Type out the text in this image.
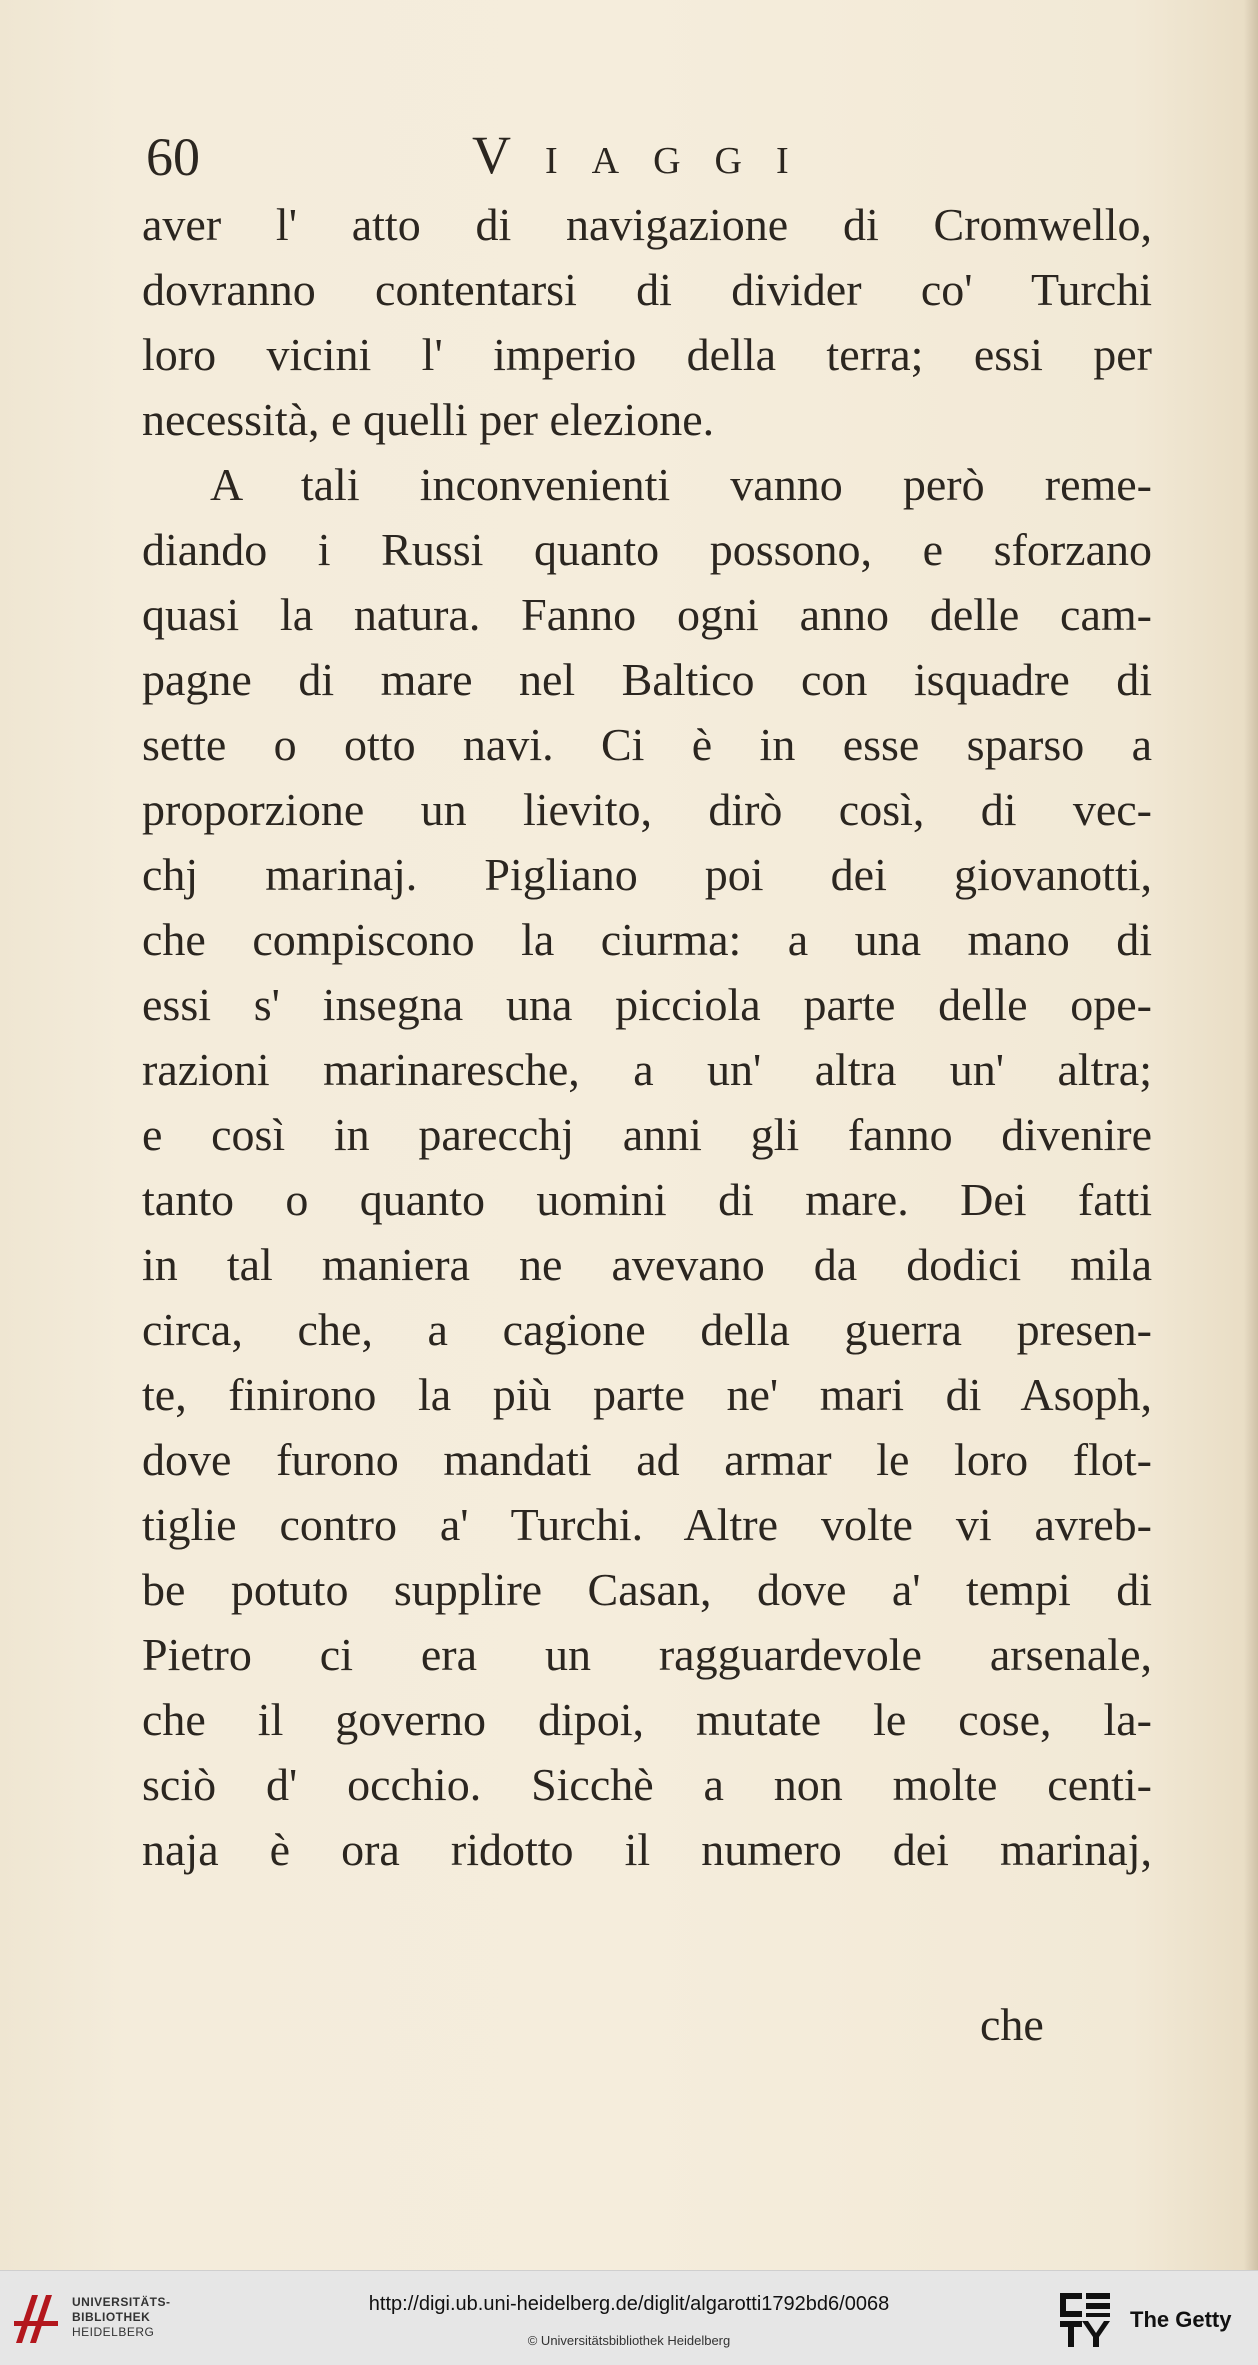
60	Viaggi
aver l' atto di navigazione di Cromwello,
dovranno contentarsi di divider co' Turchi
loro vicini l' imperio della terra; essi per
necessità, e quelli per elezione.
A tali inconvenienti vanno però reme-
diando i Russi quanto possono, e sforzano
quasi la natura. Fanno ogni anno delle cam-
pagne di mare nel Baltico con isquadre di
sette o otto navi. Ci è in esse sparso a
proporzione un lievito, dirò così, di vec-
chj marinaj. Pigliano poi dei giovanotti,
che compiscono la ciurma: a una mano di
essi s' insegna una picciola parte delle ope-
razioni marinaresche, a un' altra un' altra;
e così in parecchj anni gli fanno divenire
tanto o quanto uomini di mare. Dei fatti
in tal maniera ne avevano da dodici mila
circa, che, a cagione della guerra presen-
te, finirono la più parte ne' mari di Asoph,
dove furono mandati ad armar le loro flot-
tiglie contro a' Turchi. Altre volte vi avreb-
be potuto supplire Casan, dove a' tempi di
Pietro ci era un ragguardevole arsenale,
che il governo dipoi, mutate le cose, la-
sciò d' occhio. Sicchè a non molte centi-
naja è ora ridotto il numero dei marinaj,
che
UNIVERSITÄTS-
BIBLIOTHEK
HEIDELBERG
http://digi.ub.uni-heidelberg.de/diglit/algarotti1792bd6/0068
© Universitätsbibliothek Heidelberg
The Getty
